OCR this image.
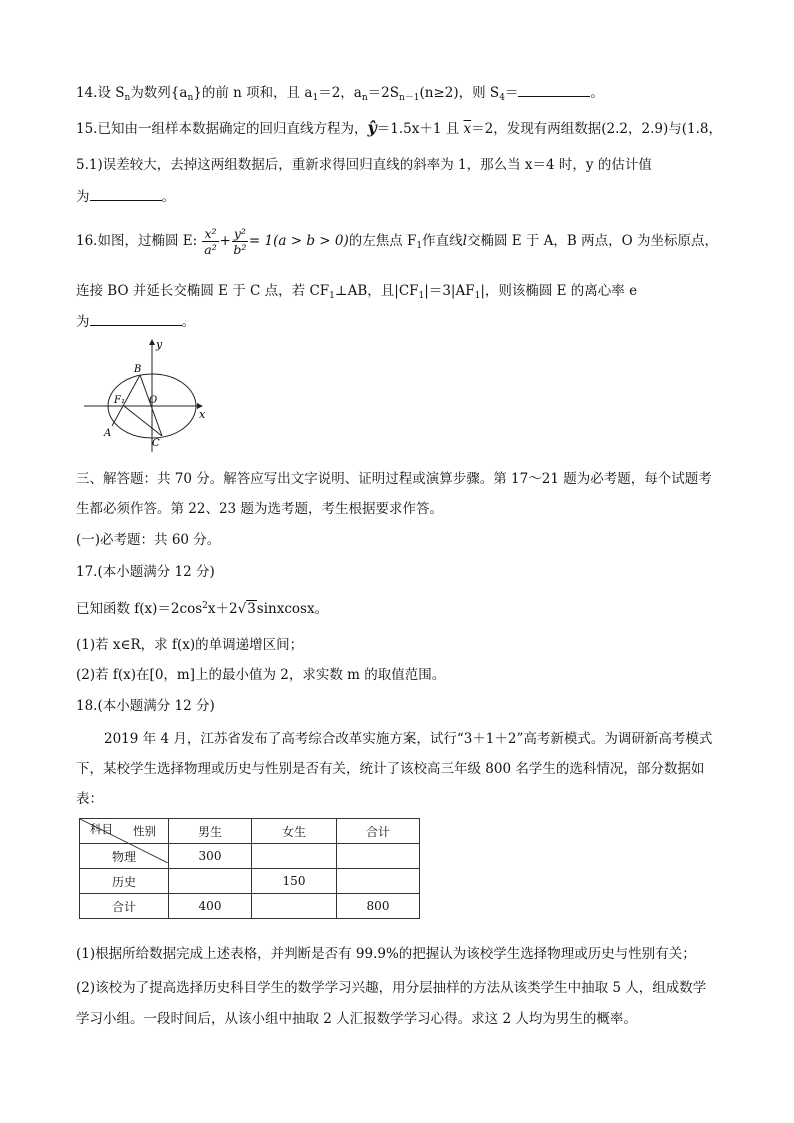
14.设 $S_n$为数列$\{a_n\}$的前 n 项和，且 $a_1=2$，$a_n=2S_{n-1}(n\ge 2)$，则 $S_4=$	。
15.已知由一组样本数据确定的回归直线方程为，ŷ＝1.5x＋1 且 $\overline{x}=2$，发现有两组数据(2.2，2.9)与(1.8，
5.1)误差较大，去掉这两组数据后，重新求得回归直线的斜率为 1，那么当 x＝4 时，y 的估计值
为	。
16.如图，过椭圆 E: $\frac{\text{x²}}{\text{a²}} + \frac{\text{y²}}{\text{b²}} = 1(a > b > 0)$的左焦点 $F_1$作直线l交椭圆 E 于 A，B 两点，O 为坐标原点，
连接 BO 并延长交椭圆 E 于 C 点，若 $CF_1\perp AB$，且$|CF_1|=3|AF_1|$，则该椭圆 E 的离心率 e
为	。
y
x
B
F₁ O
A
C
三、解答题：共 70 分。解答应写出文字说明、证明过程或演算步骤。第 17～21 题为必考题，每个试题考
生都必须作答。第 22、23 题为选考题，考生根据要求作答。
(一)必考题：共 60 分。
17.(本小题满分 12 分)
已知函数 $f(x)=2\cos^2x+2√3sinxcosx$。
(1)若 x∈R，求 f(x)的单调递增区间；
(2)若 f(x)在[0，m]上的最小值为 2，求实数 m 的取值范围。
18.(本小题满分 12 分)
2019 年 4 月，江苏省发布了高考综合改革实施方案，试行“3＋1＋2”高考新模式。为调研新高考模式
下，某校学生选择物理或历史与性别是否有关，统计了该校高三年级 800 名学生的选科情况，部分数据如
表：
性别
科目	男生	女生	合计
物理	300		
历史		150	
合计	400		800
(1)根据所给数据完成上述表格，并判断是否有 99.9%的把握认为该校学生选择物理或历史与性别有关；
(2)该校为了提高选择历史科目学生的数学学习兴趣，用分层抽样的方法从该类学生中抽取 5 人，组成数学
学习小组。一段时间后，从该小组中抽取 2 人汇报数学学习心得。求这 2 人均为男生的概率。
